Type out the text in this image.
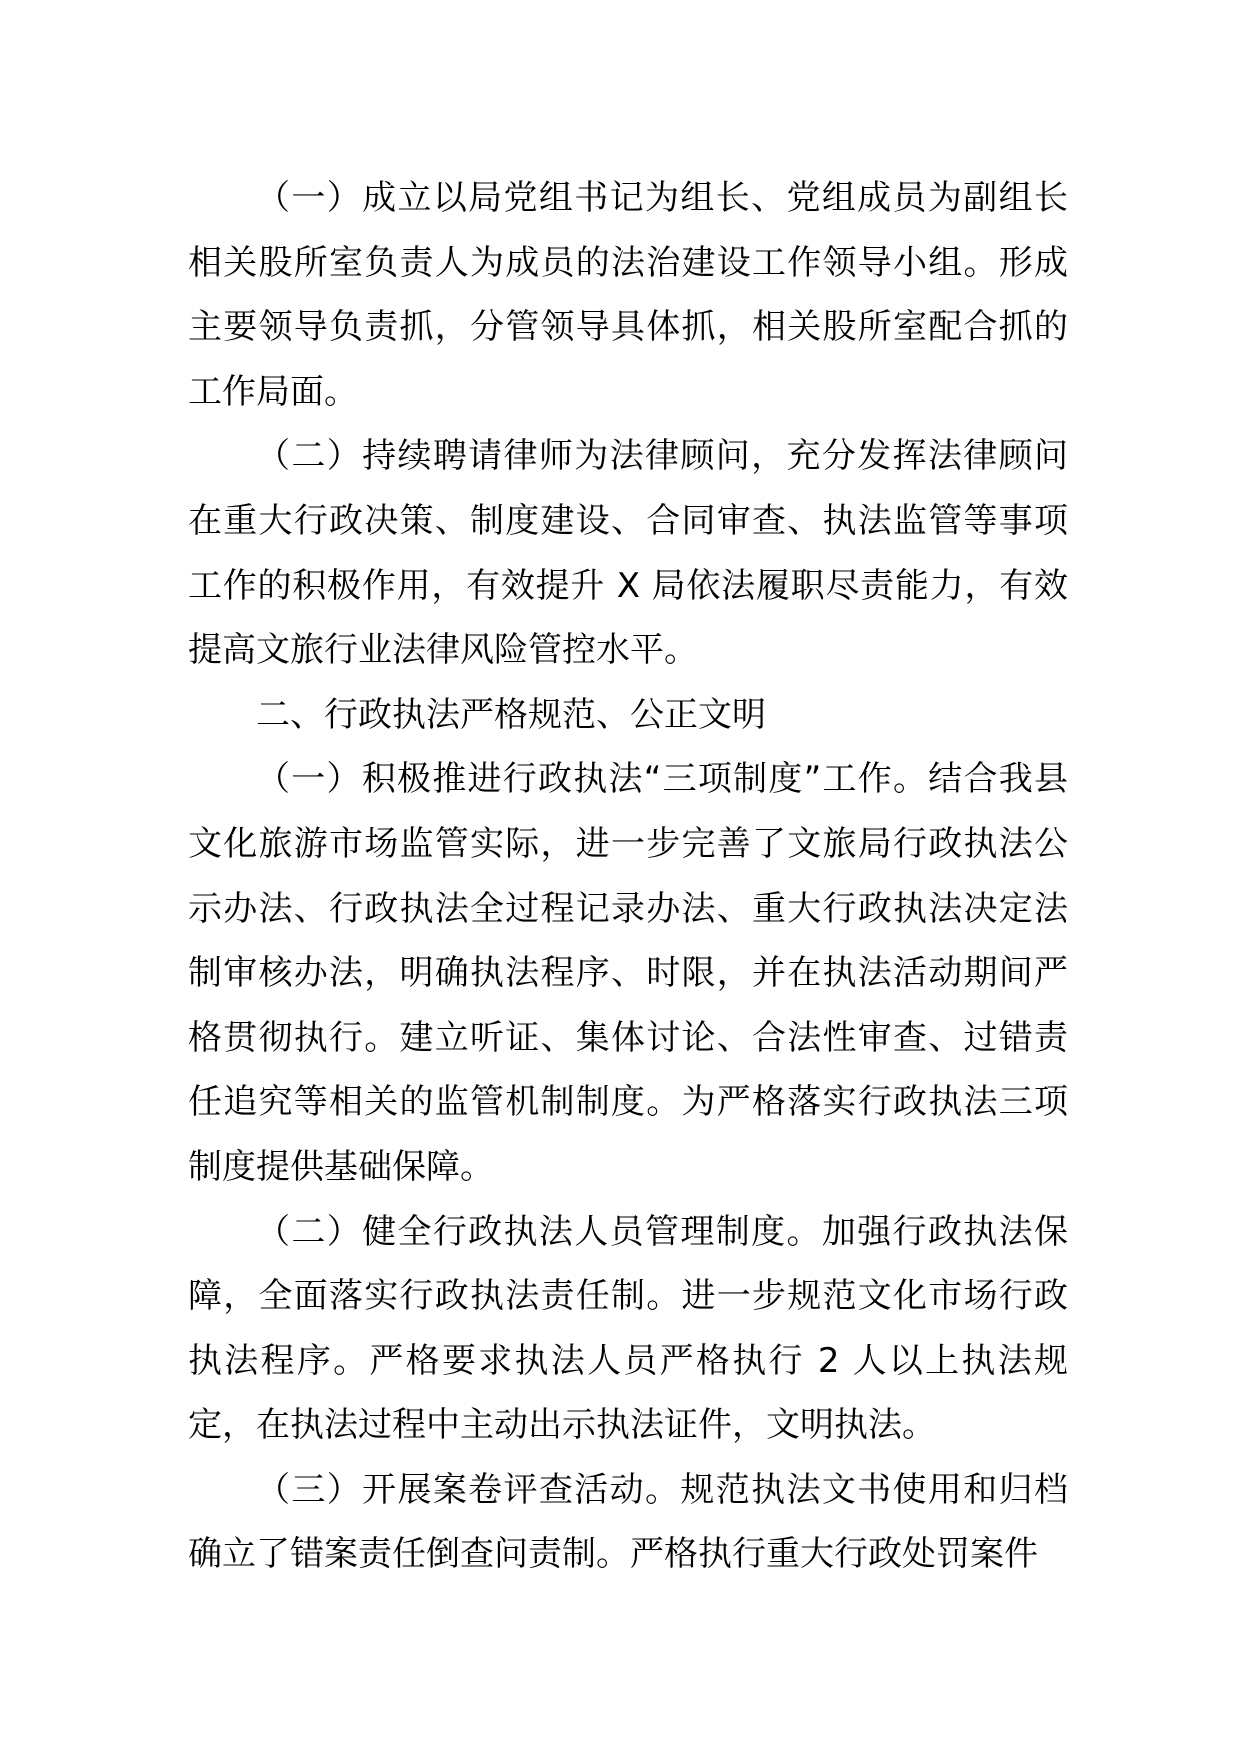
（一）成立以局党组书记为组长、党组成员为副组长相关股所室负责人为成员的法治建设工作领导小组。形成主要领导负责抓，分管领导具体抓，相关股所室配合抓的工作局面。

（二）持续聘请律师为法律顾问，充分发挥法律顾问在重大行政决策、制度建设、合同审查、执法监管等事项工作的积极作用，有效提升 X 局依法履职尽责能力，有效提高文旅行业法律风险管控水平。

二、行政执法严格规范、公正文明

（一）积极推进行政执法“三项制度”工作。结合我县文化旅游市场监管实际，进一步完善了文旅局行政执法公示办法、行政执法全过程记录办法、重大行政执法决定法制审核办法，明确执法程序、时限，并在执法活动期间严格贯彻执行。建立听证、集体讨论、合法性审查、过错责任追究等相关的监管机制制度。为严格落实行政执法三项制度提供基础保障。

（二）健全行政执法人员管理制度。加强行政执法保障，全面落实行政执法责任制。进一步规范文化市场行政执法程序。严格要求执法人员严格执行 2 人以上执法规定，在执法过程中主动出示执法证件，文明执法。

（三）开展案卷评查活动。规范执法文书使用和归档确立了错案责任倒查问责制。严格执行重大行政处罚案件
